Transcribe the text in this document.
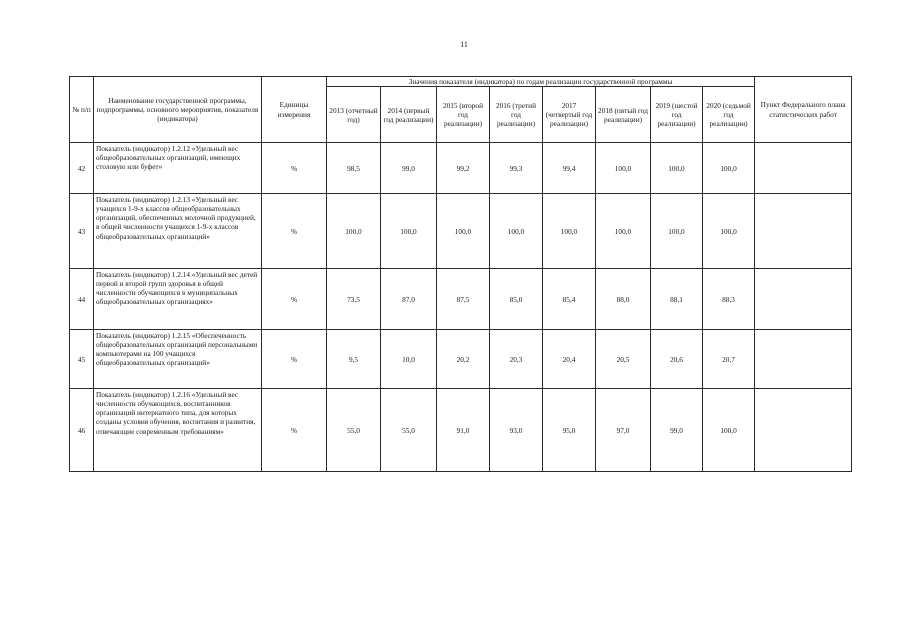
11
№ п/п	Наименование государственной программы, подпрограммы, основного мероприятия, показателя (индикатора)	Единицы измерения	Значения показателя (индикатора) по годам реализации государственной программы								Пункт Федерального плана статистических работ
			2013 (отчетный год)	2014 (первый год реализации)	2015 (второй год реализации)	2016 (третий год реализации)	2017 (четвертый год реализации)	2018 (пятый год реализации)	2019 (шестой год реализации)	2020 (седьмой год реализации)	
42	Показатель (индикатор) 1.2.12 «Удельный вес общеобразовательных организаций, имеющих столовую или буфет»	%	98,5	99,0	99,2	99,3	99,4	100,0	100,0	100,0	
43	Показатель (индикатор) 1.2.13 «Удельный вес учащихся 1-9-х классов общеобразовательных организаций, обеспеченных молочной продукцией, в общей численности учащихся 1-9-х классов общеобразовательных организаций»	%	100,0	100,0	100,0	100,0	100,0	100,0	100,0	100,0	
44	Показатель (индикатор) 1.2.14 «Удельный вес детей первой и второй групп здоровья в общей численности обучающихся в муниципальных общеобразовательных организациях»	%	73,5	87,0	87,5	85,0	85,4	88,0	88,1	88,3	
45	Показатель (индикатор) 1.2.15 «Обеспеченность общеобразовательных организаций персональными компьютерами на 100 учащихся общеобразовательных организаций»	%	9,5	10,0	20,2	20,3	20,4	20,5	20,6	20,7	
46	Показатель (индикатор) 1.2.16 «Удельный вес численности обучающихся, воспитанников организаций интернатного типа, для которых созданы условия обучения, воспитания и развития, отвечающие современным требованиям»	%	55,0	55,0	91,0	93,0	95,0	97,0	99,0	100,0	
